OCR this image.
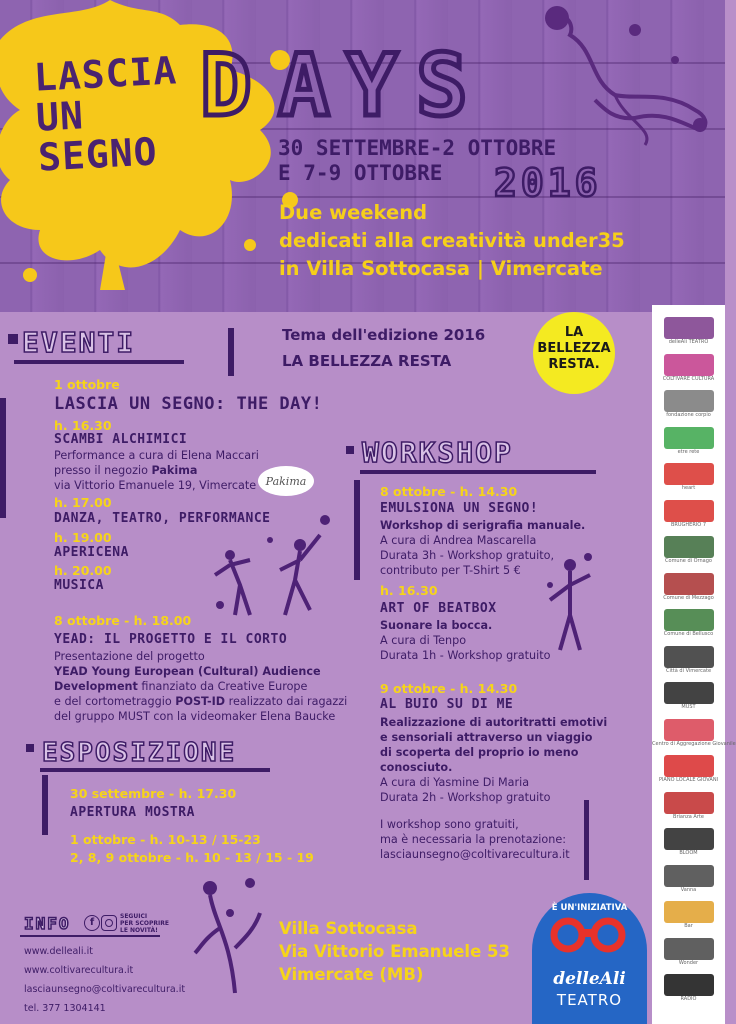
LASCIA
UN
SEGNO
D A Y S
30 SETTEMBRE-2 OTTOBRE
E 7-9 OTTOBRE	2016
Due weekend
dedicati alla creatività under35
in Villa Sottocasa | Vimercate
EVENTI	Tema dell'edizione 2016
LA BELLEZZA RESTA
LA
BELLEZZA
RESTA.
1 ottobre
LASCIA UN SEGNO: THE DAY!
h. 16.30
SCAMBI ALCHIMICI
Performance a cura di Elena Maccari
presso il negozio Pakima
via Vittorio Emanuele 19, Vimercate Pakima
h. 17.00
DANZA, TEATRO, PERFORMANCE
h. 19.00
APERICENA
h. 20.00
MUSICA
8 ottobre - h. 18.00
YEAD: IL PROGETTO E IL CORTO
Presentazione del progetto
YEAD Young European (Cultural) Audience
Development finanziato da Creative Europe
e del cortometraggio POST-ID realizzato dai ragazzi
del gruppo MUST con la videomaker Elena Baucke
ESPOSIZIONE
30 settembre - h. 17.30
APERTURA MOSTRA
1 ottobre - h. 10-13 / 15-23
2, 8, 9 ottobre - h. 10 - 13 / 15 - 19
WORKSHOP
8 ottobre - h. 14.30
EMULSIONA UN SEGNO!
Workshop di serigrafia manuale.
A cura di Andrea Mascarella
Durata 3h - Workshop gratuito,
contributo per T-Shirt 5 €
h. 16.30
ART OF BEATBOX
Suonare la bocca.
A cura di Tenpo
Durata 1h - Workshop gratuito
9 ottobre - h. 14.30
AL BUIO SU DI ME
Realizzazione di autoritratti emotivi
e sensoriali attraverso un viaggio
di scoperta del proprio io meno
conosciuto.
A cura di Yasmine Di Maria
Durata 2h - Workshop gratuito
I workshop sono gratuiti,
ma è necessaria la prenotazione:
lasciaunsegno@coltivarecultura.it
INFO	f
SEGUICI
PER SCOPRIRE
LE NOVITÀ!
www.delleali.it
www.coltivarecultura.it
lasciaunsegno@coltivarecultura.it
tel. 377 1304141
Villa Sottocasa
Via Vittorio Emanuele 53
Vimercate (MB)
È UN'INIZIATIVA
delleAli
TEATRO
delleAli TEATRO
COLTIVARE CULTURA
fondazione corpio
etre rete
heart
BRUGHERIO 7
Comune di Ornago
Comune di Mezzago
Comune di Bellusco
Città di Vimercate
MUST
Centro di Aggregazione Giovanile
PIANO LOCALE GIOVANI
Brianza Arte
BLOOM
Vanna
Bar
Wonder
RADIO
